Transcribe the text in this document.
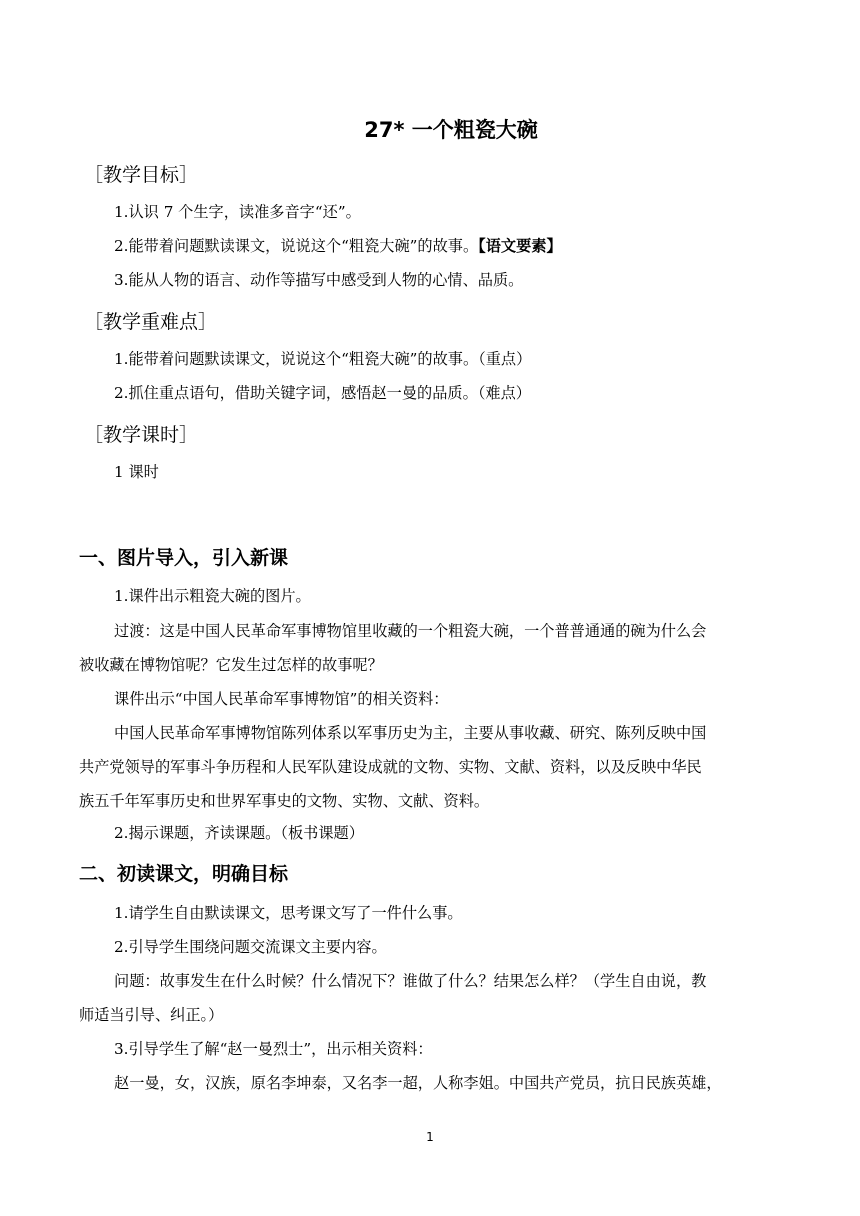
27* 一个粗瓷大碗
［教学目标］
1.认识 7 个生字，读准多音字“还”。
2.能带着问题默读课文，说说这个“粗瓷大碗”的故事。【语文要素】
3.能从人物的语言、动作等描写中感受到人物的心情、品质。
［教学重难点］
1.能带着问题默读课文，说说这个“粗瓷大碗”的故事。（重点）
2.抓住重点语句，借助关键字词，感悟赵一曼的品质。（难点）
［教学课时］
1 课时
一、图片导入，引入新课
1.课件出示粗瓷大碗的图片。
过渡：这是中国人民革命军事博物馆里收藏的一个粗瓷大碗，一个普普通通的碗为什么会
被收藏在博物馆呢？它发生过怎样的故事呢？
课件出示“中国人民革命军事博物馆”的相关资料：
中国人民革命军事博物馆陈列体系以军事历史为主，主要从事收藏、研究、陈列反映中国
共产党领导的军事斗争历程和人民军队建设成就的文物、实物、文献、资料，以及反映中华民
族五千年军事历史和世界军事史的文物、实物、文献、资料。
2.揭示课题，齐读课题。（板书课题）
二、初读课文，明确目标
1.请学生自由默读课文，思考课文写了一件什么事。
2.引导学生围绕问题交流课文主要内容。
问题：故事发生在什么时候？什么情况下？谁做了什么？结果怎么样？（学生自由说，教
师适当引导、纠正。）
3.引导学生了解“赵一曼烈士”，出示相关资料：
赵一曼，女，汉族，原名李坤泰，又名李一超，人称李姐。中国共产党员，抗日民族英雄，
1
